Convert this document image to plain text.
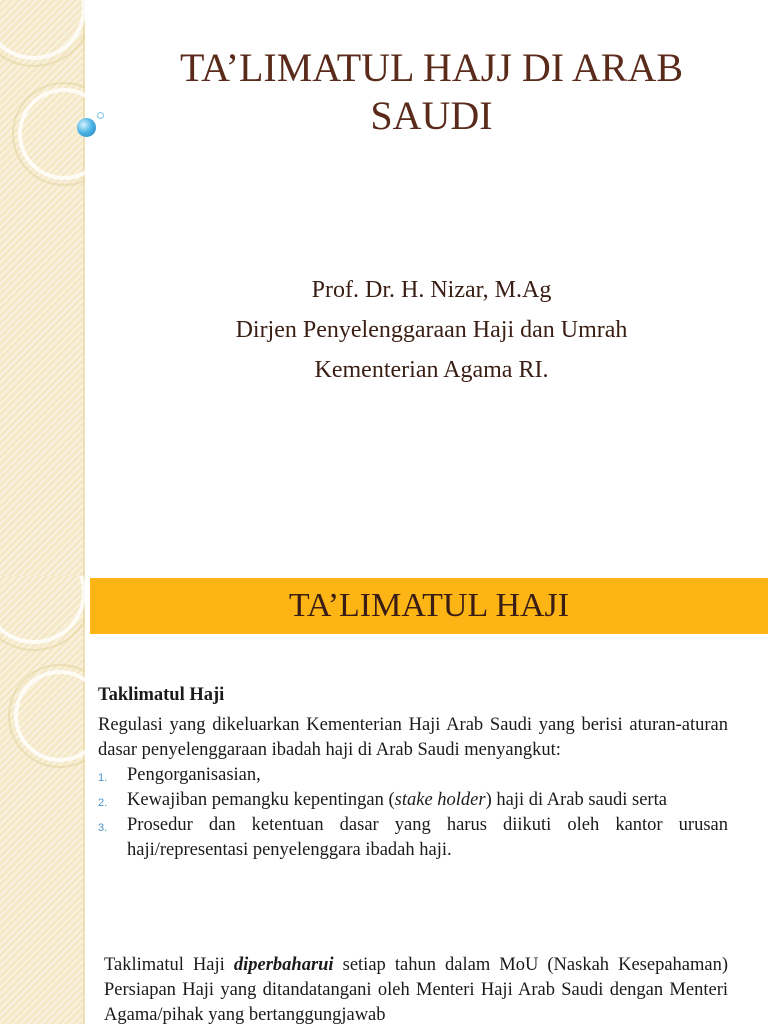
TA’LIMATUL HAJJ DI ARAB
SAUDI
Prof. Dr. H. Nizar, M.Ag
Dirjen Penyelenggaraan Haji dan Umrah
Kementerian Agama RI.
TA’LIMATUL HAJI
Taklimatul Haji
Regulasi yang dikeluarkan Kementerian Haji Arab Saudi yang berisi aturan-aturan dasar penyelenggaraan ibadah haji di Arab Saudi menyangkut:
1. Pengorganisasian,
2. Kewajiban pemangku kepentingan (stake holder) haji di Arab saudi serta
3. Prosedur dan ketentuan dasar yang harus diikuti oleh kantor urusan haji/representasi penyelenggara ibadah haji.
Taklimatul Haji diperbaharui setiap tahun dalam MoU (Naskah Kesepahaman) Persiapan Haji yang ditandatangani oleh Menteri Haji Arab Saudi dengan Menteri Agama/pihak yang bertanggungjawab
